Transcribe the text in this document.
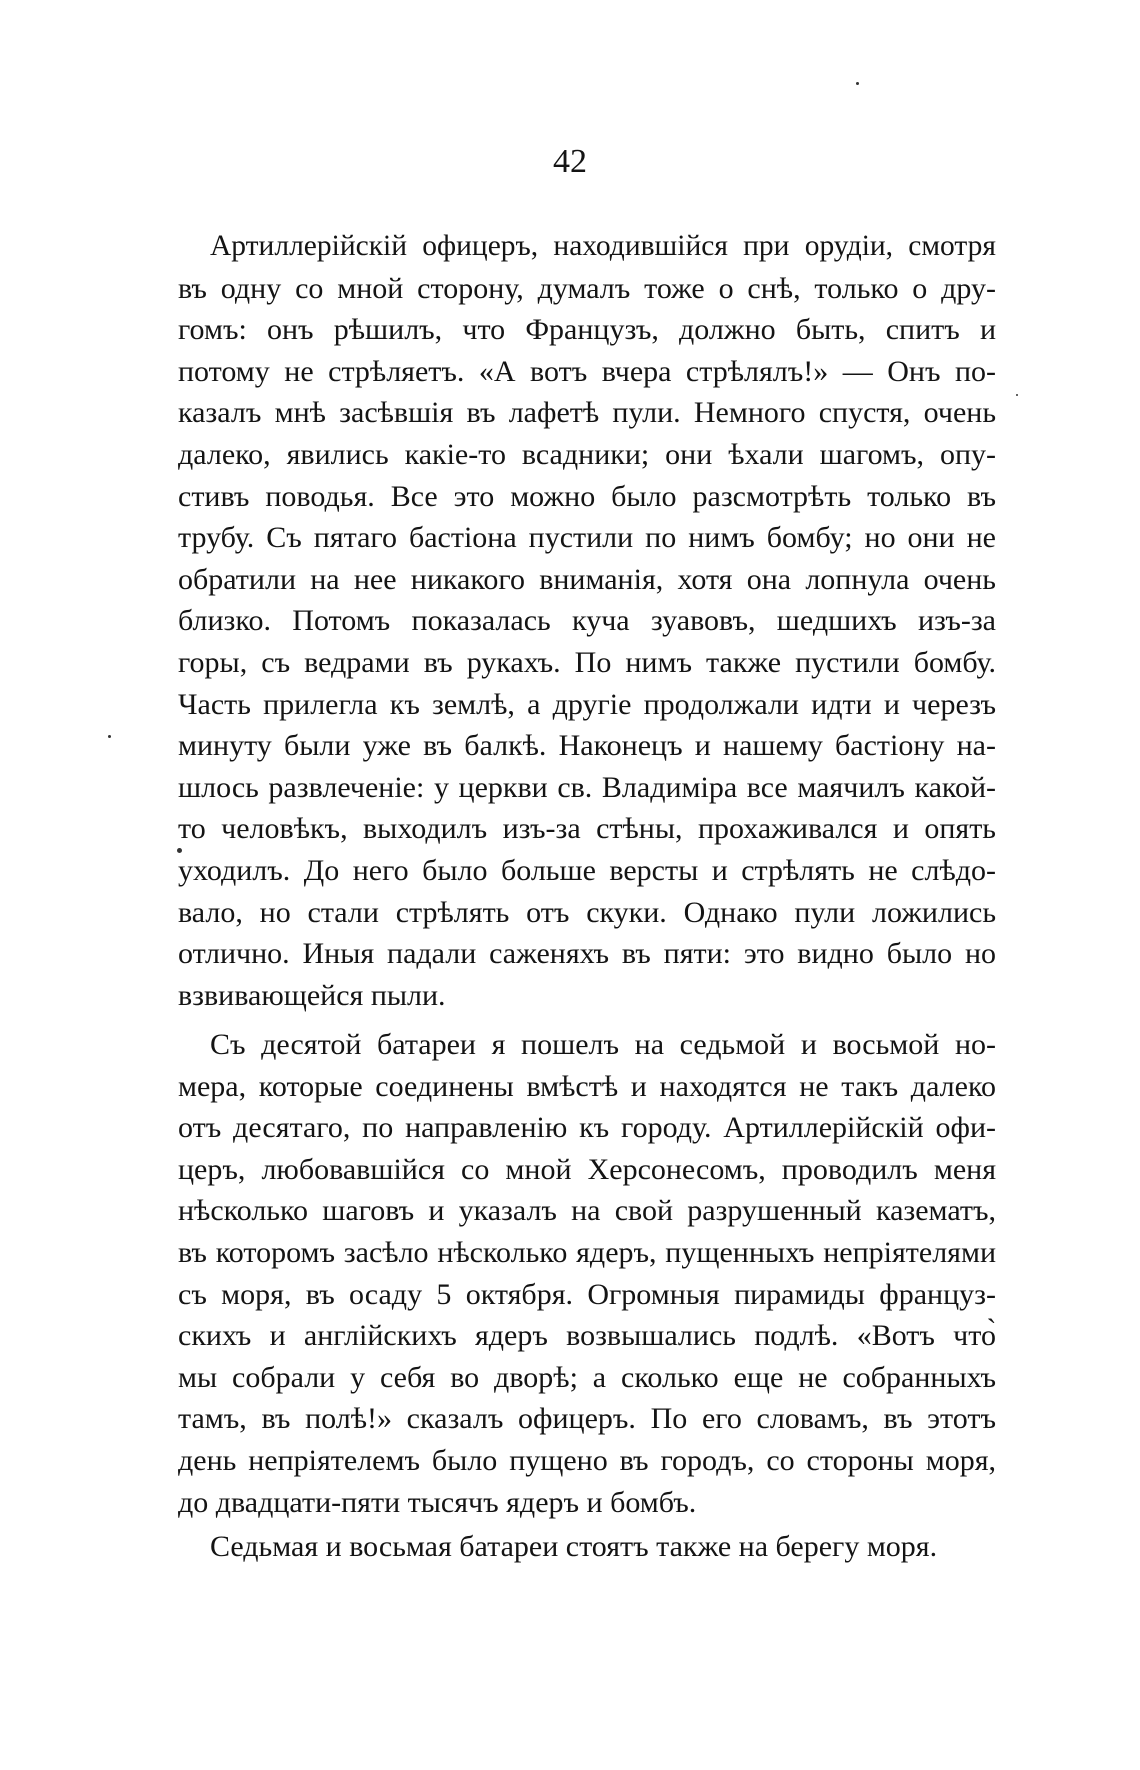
42
Артиллерійскій офицеръ, находившійся при орудіи, смотря
въ одну со мной сторону, думалъ тоже о снѣ, только о дру-
гомъ: онъ рѣшилъ, что Французъ, должно быть, спитъ и
потому не стрѣляетъ. «А вотъ вчера стрѣлялъ!» — Онъ по-
казалъ мнѣ засѣвшія въ лафетѣ пули. Немного спустя, очень
далеко, явились какіе-то всадники; они ѣхали шагомъ, опу-
стивъ поводья. Все это можно было разсмотрѣть только въ
трубу. Съ пятаго бастіона пустили по нимъ бомбу; но они не
обратили на нее никакого вниманія, хотя она лопнула очень
близко. Потомъ показалась куча зуавовъ, шедшихъ изъ-за
горы, съ ведрами въ рукахъ. По нимъ также пустили бомбу.
Часть прилегла къ землѣ, а другіе продолжали идти и черезъ
минуту были уже въ балкѣ. Наконецъ и нашему бастіону на-
шлось развлеченіе: у церкви св. Владиміра все маячилъ какой-
то человѣкъ, выходилъ изъ-за стѣны, прохаживался и опять
уходилъ. До него было больше версты и стрѣлять не слѣдо-
вало, но стали стрѣлять отъ скуки. Однако пули ложились
отлично. Иныя падали саженяхъ въ пяти: это видно было но
взвивающейся пыли.
Съ десятой батареи я пошелъ на седьмой и восьмой но-
мера, которые соединены вмѣстѣ и находятся не такъ далеко
отъ десятаго, по направленію къ городу. Артиллерійскій офи-
церъ, любовавшійся со мной Херсонесомъ, проводилъ меня
нѣсколько шаговъ и указалъ на свой разрушенный казематъ,
въ которомъ засѣло нѣсколько ядеръ, пущенныхъ непріятелями
съ моря, въ осаду 5 октября. Огромныя пирамиды француз-
скихъ и англійскихъ ядеръ возвышались подлѣ. «Вотъ что̀
мы собрали у себя во дворѣ; а сколько еще не собранныхъ
тамъ, въ полѣ!» сказалъ офицеръ. По его словамъ, въ этотъ
день непріятелемъ было пущено въ городъ, со стороны моря,
до двадцати-пяти тысячъ ядеръ и бомбъ.
Седьмая и восьмая батареи стоятъ также на берегу моря.
